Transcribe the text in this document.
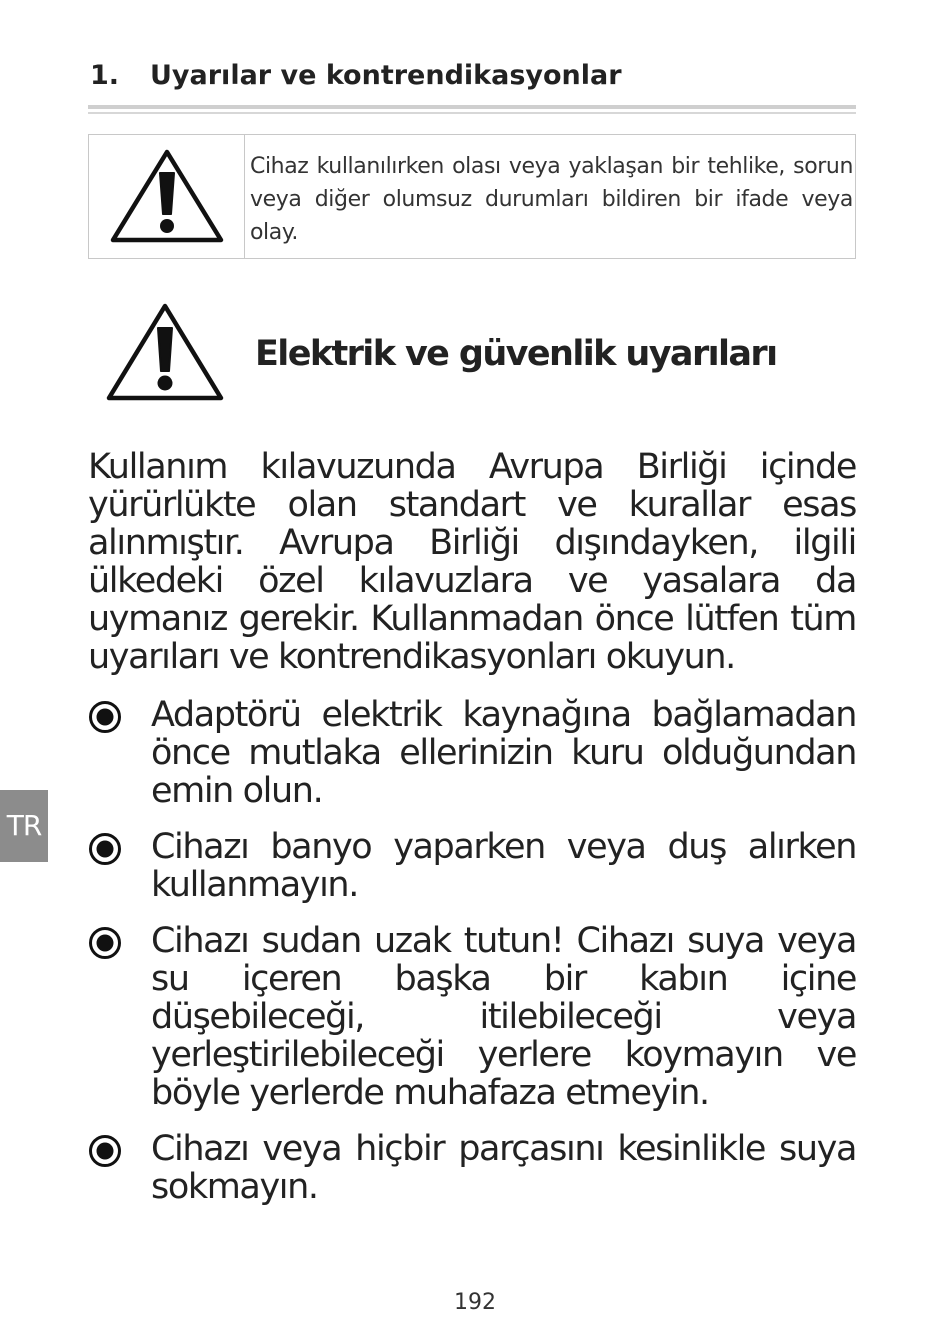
1. Uyarılar ve kontrendikasyonlar
Cihaz kullanılırken olası veya yaklaşan bir tehlike, sorun veya diğer olumsuz durumları bildiren bir ifade veya olay.
Elektrik ve güvenlik uyarıları
Kullanım kılavuzunda Avrupa Birliği içinde yürürlükte olan standart ve kurallar esas alınmıştır. Avrupa Birliği dışındayken, ilgili ülkedeki özel kılavuzlara ve yasalara da uymanız gerekir. Kullanmadan önce lütfen tüm uyarıları ve kontrendikasyonları okuyun.
Adaptörü elektrik kaynağına bağlamadan önce mutlaka ellerinizin kuru olduğundan emin olun.
Cihazı banyo yaparken veya duş alırken kullanmayın.
Cihazı sudan uzak tutun! Cihazı suya veya su içeren başka bir kabın içine düşebileceği, itilebileceği veya yerleştirilebileceği yerlere koymayın ve böyle yerlerde muhafaza etmeyin.
Cihazı veya hiçbir parçasını kesinlikle suya sokmayın.
TR
192
